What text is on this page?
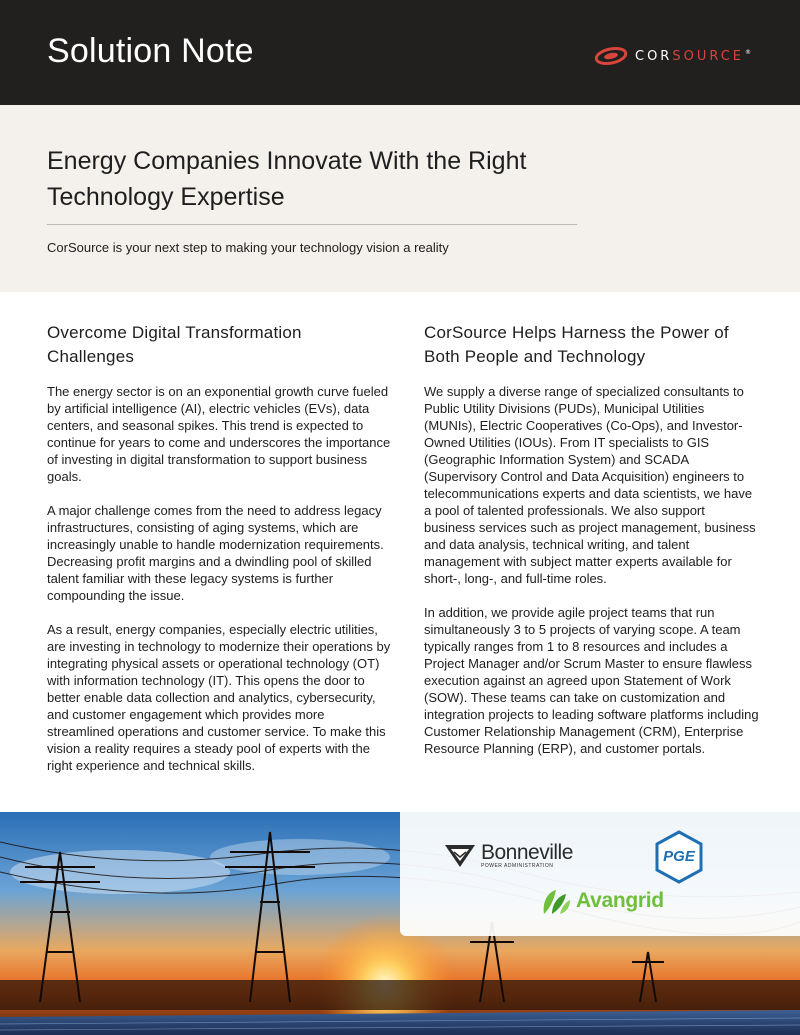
Solution Note	CORSOURCE®
Energy Companies Innovate With the Right Technology Expertise

CorSource is your next step to making your technology vision a reality

Overcome Digital Transformation Challenges

The energy sector is on an exponential growth curve fueled by artificial intelligence (AI), electric vehicles (EVs), data centers, and seasonal spikes. This trend is expected to continue for years to come and underscores the importance of investing in digital transformation to support business goals.

A major challenge comes from the need to address legacy infrastructures, consisting of aging systems, which are increasingly unable to handle modernization requirements. Decreasing profit margins and a dwindling pool of skilled talent familiar with these legacy systems is further compounding the issue.

As a result, energy companies, especially electric utilities, are investing in technology to modernize their operations by integrating physical assets or operational technology (OT) with information technology (IT). This opens the door to better enable data collection and analytics, cybersecurity, and customer engagement which provides more streamlined operations and customer service. To make this vision a reality requires a steady pool of experts with the right experience and technical skills.

CorSource Helps Harness the Power of Both People and Technology

We supply a diverse range of specialized consultants to Public Utility Divisions (PUDs), Municipal Utilities (MUNIs), Electric Cooperatives (Co-Ops), and Investor-Owned Utilities (IOUs). From IT specialists to GIS (Geographic Information System) and SCADA (Supervisory Control and Data Acquisition) engineers to telecommunications experts and data scientists, we have a pool of talented professionals. We also support business services such as project management, business and data analysis, technical writing, and talent management with subject matter experts available for short-, long-, and full-time roles.

In addition, we provide agile project teams that run simultaneously 3 to 5 projects of varying scope. A team typically ranges from 1 to 8 resources and includes a Project Manager and/or Scrum Master to ensure flawless execution against an agreed upon Statement of Work (SOW). These teams can take on customization and integration projects to leading software platforms including Customer Relationship Management (CRM), Enterprise Resource Planning (ERP), and customer portals.

Bonneville
POWER ADMINISTRATION
PGE
Avangrid
